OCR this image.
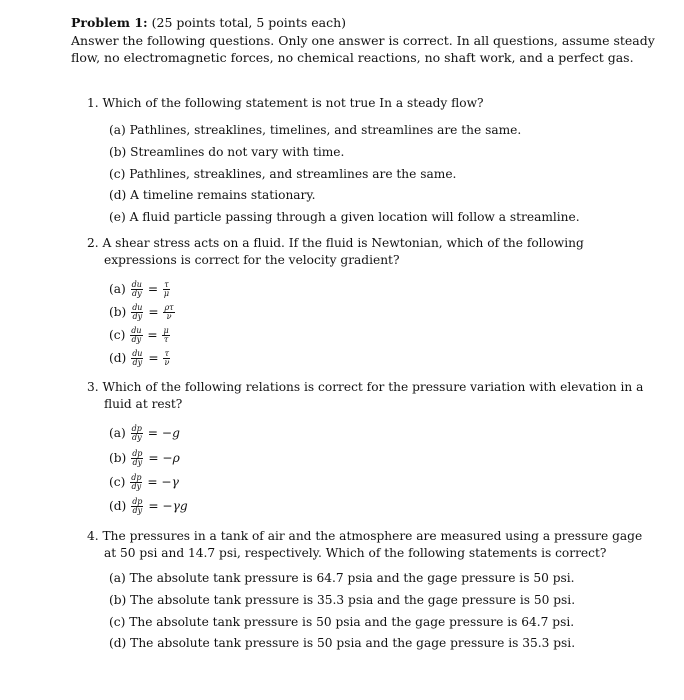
Problem 1: (25 points total, 5 points each)
Answer the following questions. Only one answer is correct. In all questions, assume steady flow, no electromagnetic forces, no chemical reactions, no shaft work, and a perfect gas.
1. Which of the following statement is not true In a steady flow?
(a) Pathlines, streaklines, timelines, and streamlines are the same.
(b) Streamlines do not vary with time.
(c) Pathlines, streaklines, and streamlines are the same.
(d) A timeline remains stationary.
(e) A fluid particle passing through a given location will follow a streamline.
2. A shear stress acts on a fluid. If the fluid is Newtonian, which of the following expressions is correct for the velocity gradient?
$(a) \frac{du}{dy} = \frac{\tau}{\mu}$
$(b) \frac{du}{dy} = \frac{\rho\tau}{\nu}$
$(c) \frac{du}{dy} = \frac{\mu}{\tau}$
$(d) \frac{du}{dy} = \frac{\tau}{\nu}$
3. Which of the following relations is correct for the pressure variation with elevation in a fluid at rest?
$(a) \frac{dp}{dy} = -g$
$(b) \frac{dp}{dy} = -\rho$
$(c) \frac{dp}{dy} = -\gamma$
$(d) \frac{dp}{dy} = -\gamma g$
4. The pressures in a tank of air and the atmosphere are measured using a pressure gage at 50 psi and 14.7 psi, respectively. Which of the following statements is correct?
(a) The absolute tank pressure is 64.7 psia and the gage pressure is 50 psi.
(b) The absolute tank pressure is 35.3 psia and the gage pressure is 50 psi.
(c) The absolute tank pressure is 50 psia and the gage pressure is 64.7 psi.
(d) The absolute tank pressure is 50 psia and the gage pressure is 35.3 psi.
